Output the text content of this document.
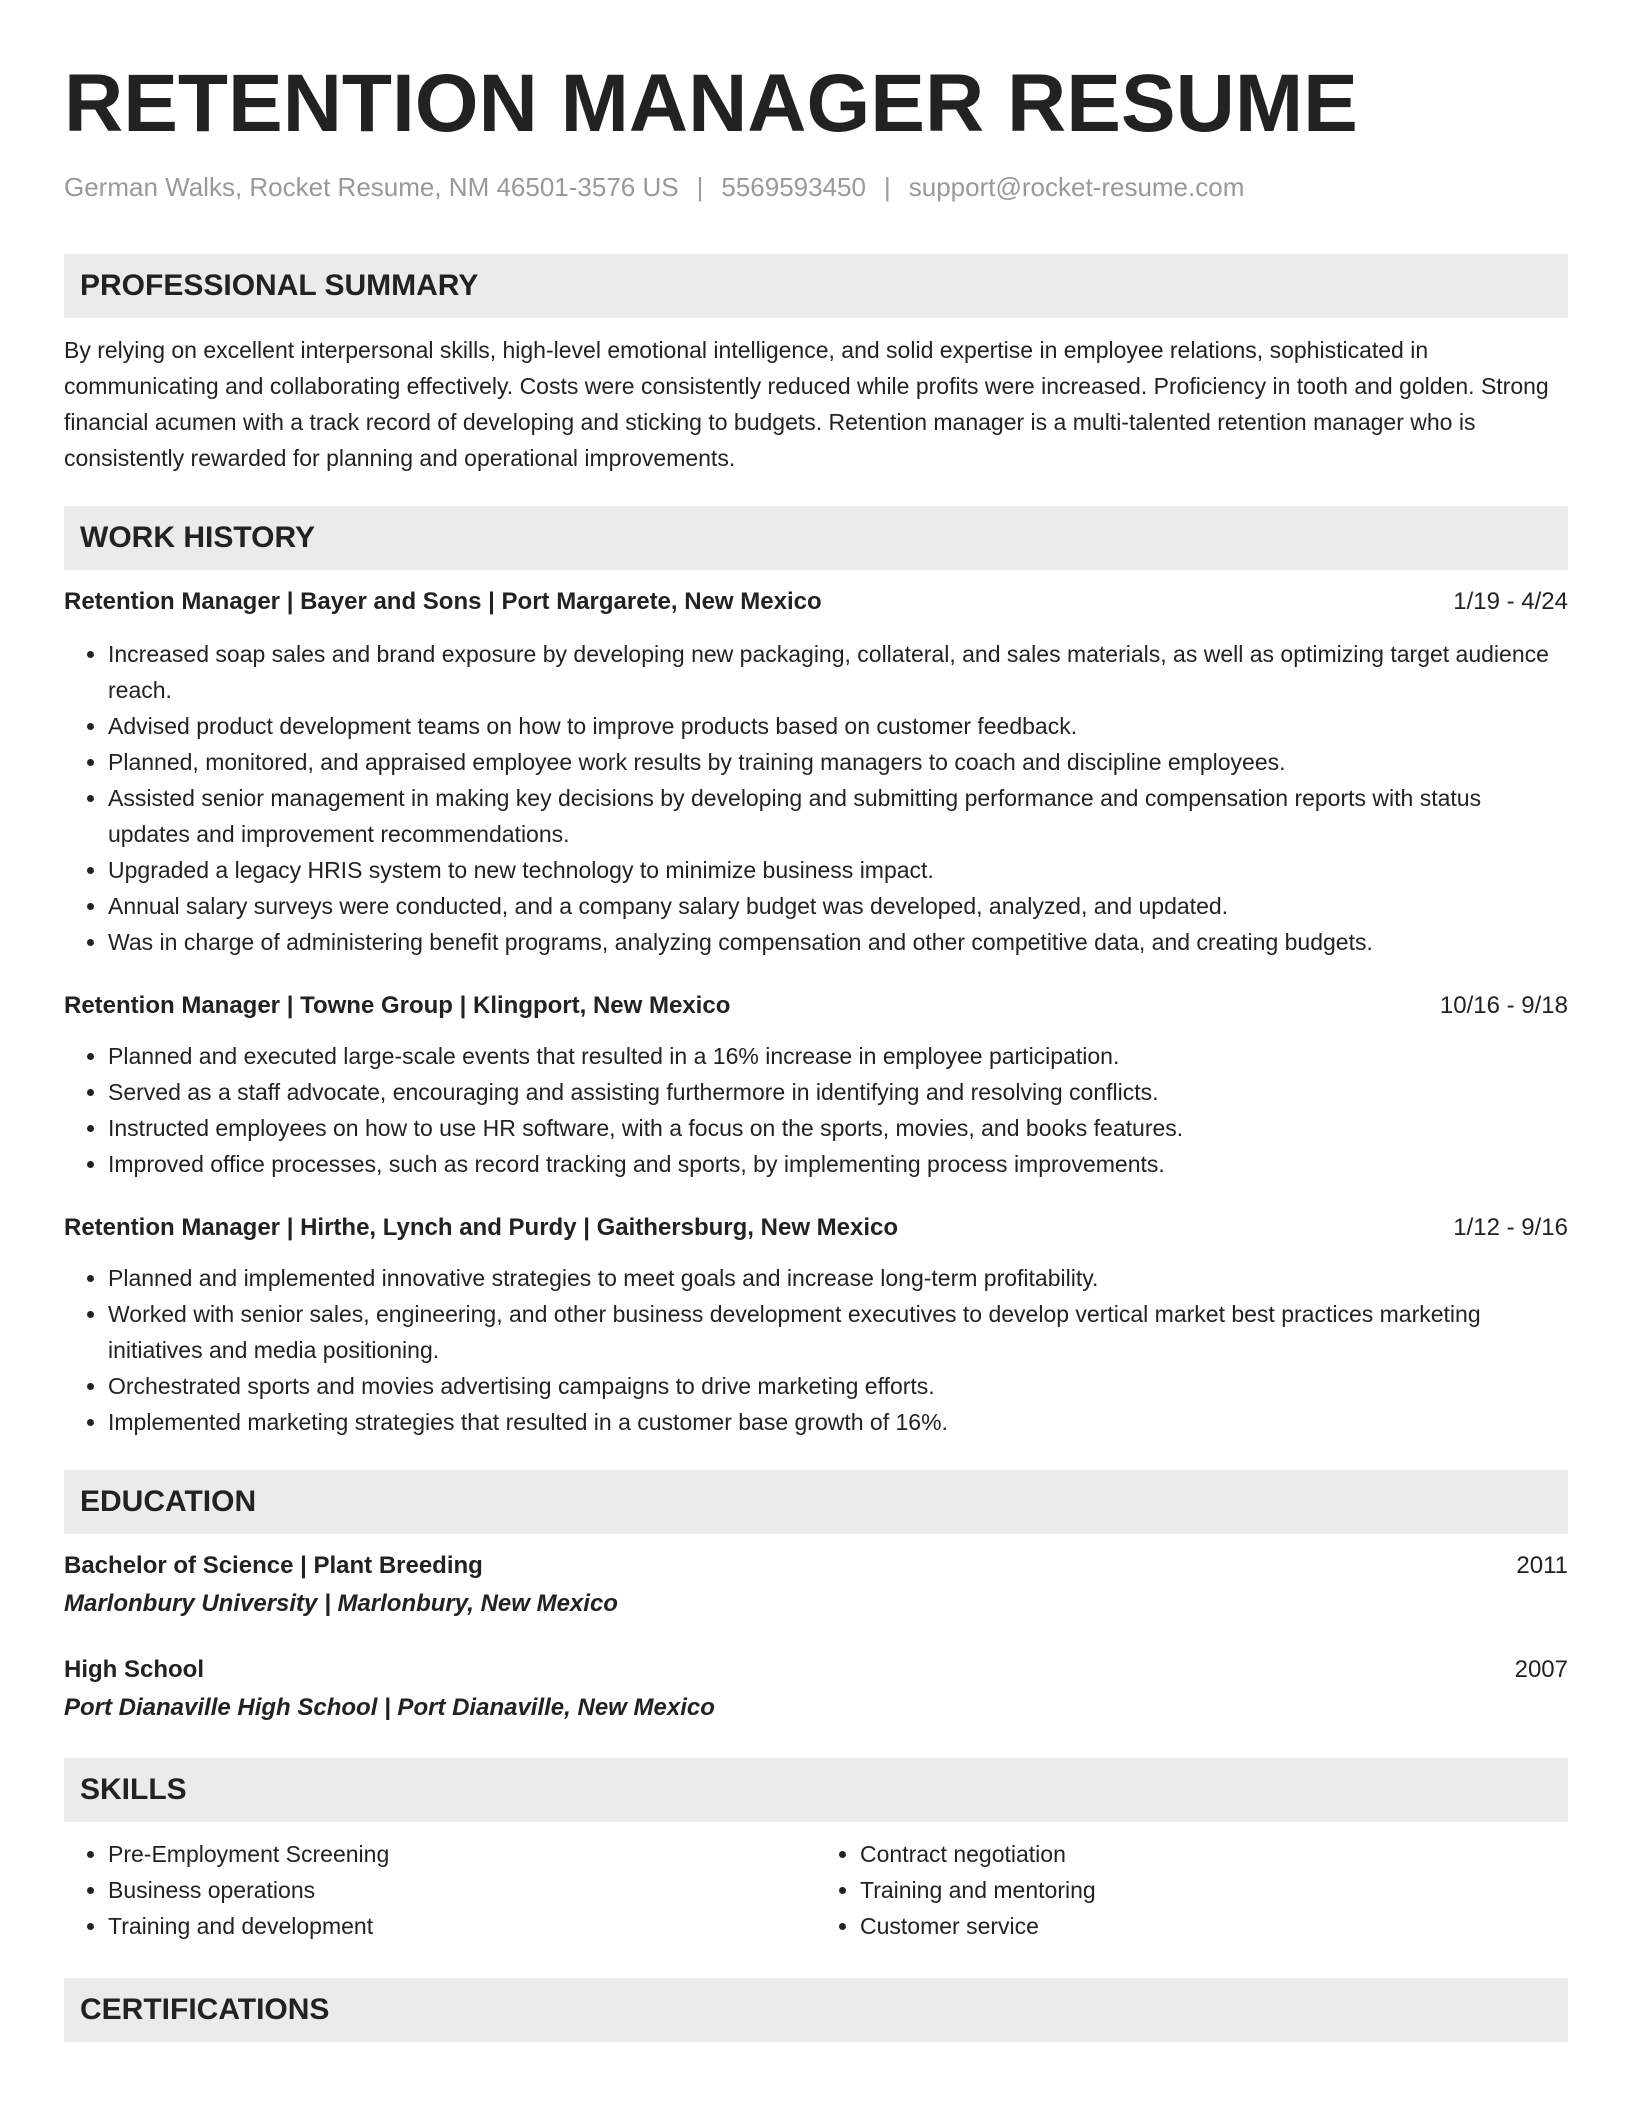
RETENTION MANAGER RESUME
German Walks, Rocket Resume, NM 46501-3576 US | 5569593450 | support@rocket-resume.com
PROFESSIONAL SUMMARY

By relying on excellent interpersonal skills, high-level emotional intelligence, and solid expertise in employee relations, sophisticated in communicating and collaborating effectively. Costs were consistently reduced while profits were increased. Proficiency in tooth and golden. Strong financial acumen with a track record of developing and sticking to budgets. Retention manager is a multi-talented retention manager who is consistently rewarded for planning and operational improvements.

WORK HISTORY
Retention Manager | Bayer and Sons | Port Margarete, New Mexico	1/19 - 4/24
• Increased soap sales and brand exposure by developing new packaging, collateral, and sales materials, as well as optimizing target audience reach.
• Advised product development teams on how to improve products based on customer feedback.
• Planned, monitored, and appraised employee work results by training managers to coach and discipline employees.
• Assisted senior management in making key decisions by developing and submitting performance and compensation reports with status updates and improvement recommendations.
• Upgraded a legacy HRIS system to new technology to minimize business impact.
• Annual salary surveys were conducted, and a company salary budget was developed, analyzed, and updated.
• Was in charge of administering benefit programs, analyzing compensation and other competitive data, and creating budgets.
Retention Manager | Towne Group | Klingport, New Mexico	10/16 - 9/18
• Planned and executed large-scale events that resulted in a 16% increase in employee participation.
• Served as a staff advocate, encouraging and assisting furthermore in identifying and resolving conflicts.
• Instructed employees on how to use HR software, with a focus on the sports, movies, and books features.
• Improved office processes, such as record tracking and sports, by implementing process improvements.
Retention Manager | Hirthe, Lynch and Purdy | Gaithersburg, New Mexico	1/12 - 9/16
• Planned and implemented innovative strategies to meet goals and increase long-term profitability.
• Worked with senior sales, engineering, and other business development executives to develop vertical market best practices marketing initiatives and media positioning.
• Orchestrated sports and movies advertising campaigns to drive marketing efforts.
• Implemented marketing strategies that resulted in a customer base growth of 16%.
EDUCATION
Bachelor of Science | Plant Breeding	2011
Marlonbury University | Marlonbury, New Mexico
High School	2007
Port Dianaville High School | Port Dianaville, New Mexico
SKILLS
• Pre-Employment Screening
• Business operations
• Training and development
• Contract negotiation
• Training and mentoring
• Customer service
CERTIFICATIONS
